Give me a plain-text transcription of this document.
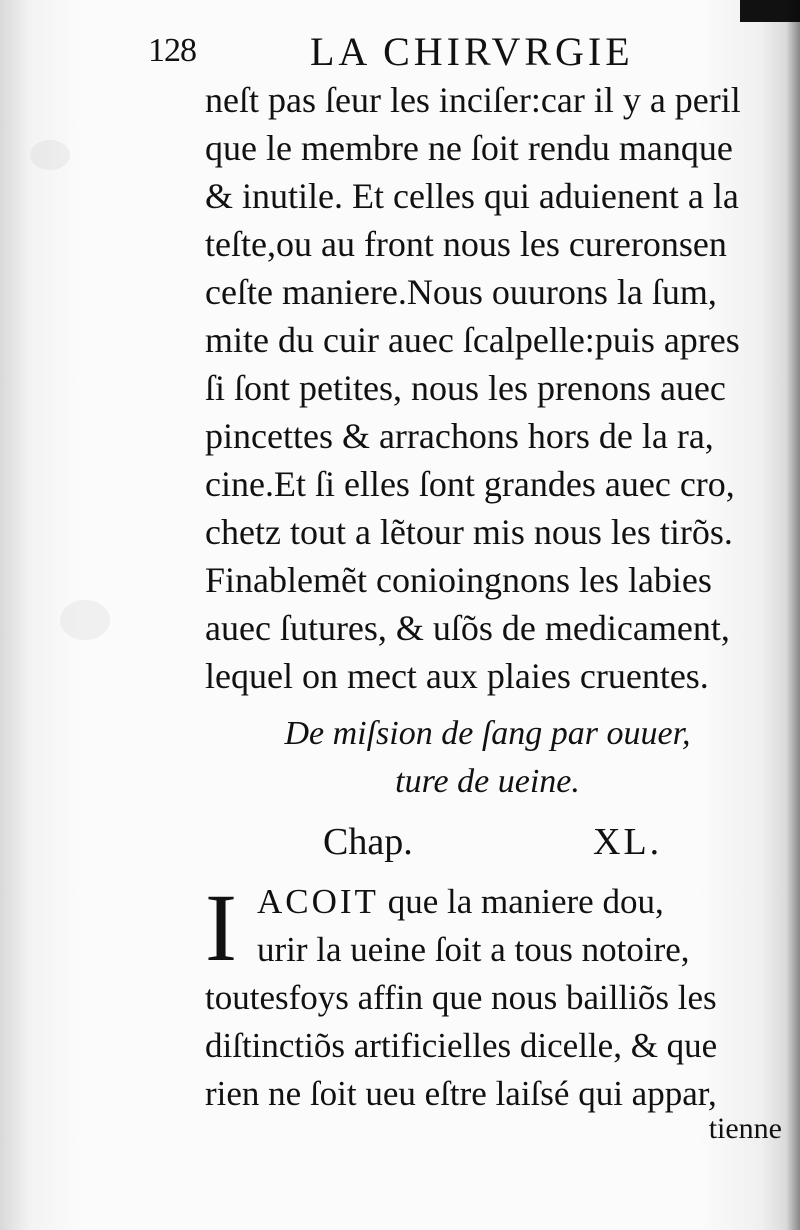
128	LA CHIRVRGIE
neſt pas ſeur les inciſer:car il y a peril
que le membre ne ſoit rendu manque
& inutile. Et celles qui aduienent a la
teſte,ou au front nous les cureronsen
ceſte maniere.Nous ouurons la ſum,
mite du cuir auec ſcalpelle:puis apres
ſi ſont petites, nous les prenons auec
pincettes & arrachons hors de la ra,
cine.Et ſi elles ſont grandes auec cro,
chetz tout a lẽtour mis nous les tirõs.
Finablemẽt conioingnons les labies
auec ſutures, & uſõs de medicament,
lequel on mect aux plaies cruentes.
De miſsion de ſang par ouuer,
ture de ueine.
Chap.	XL.
I ACOIT que la maniere dou,
urir la ueine ſoit a tous notoire,
toutesfoys affin que nous bailliõs les
diſtinctiõs artificielles dicelle, & que
rien ne ſoit ueu eſtre laiſsé qui appar,
tienne
